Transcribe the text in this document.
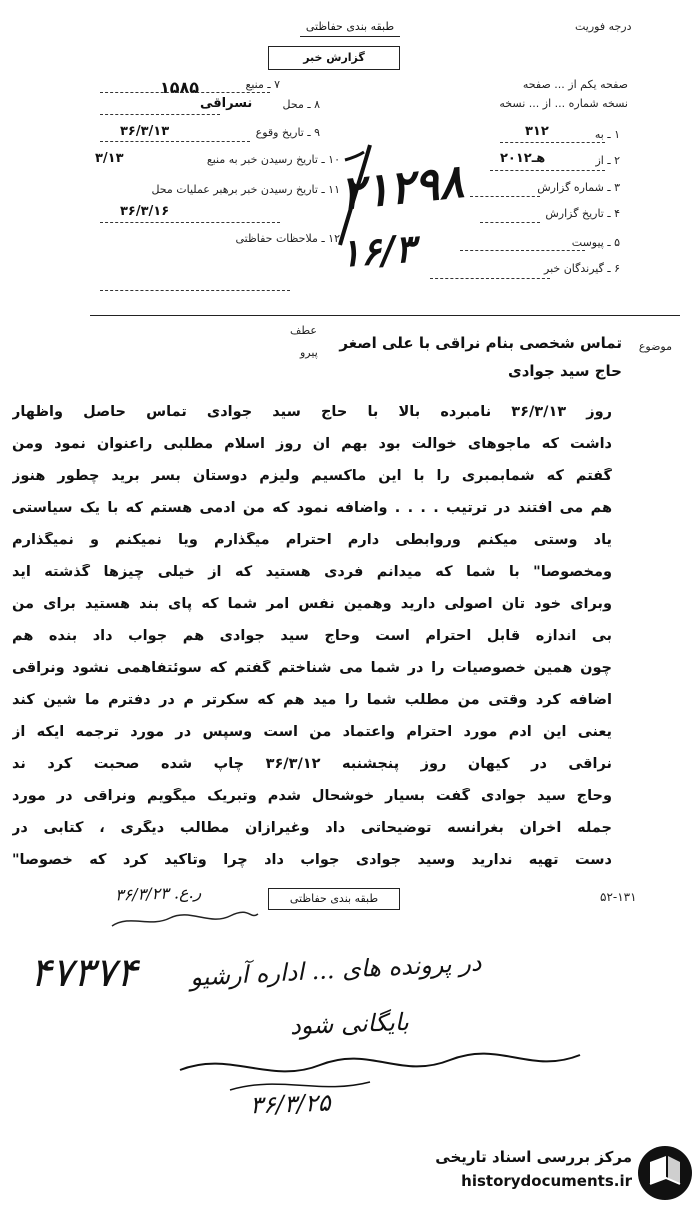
طبقه بندی حفاظتی	درجه فوریت
گزارش خبر
صفحه یکم از ... صفحه
نسخه شماره ... از ... نسخه
۱۵۸۵	۷ ـ منبع
۸ ـ محل
نسراقی
۹ ـ تاریخ وقوع
۳۶/۳/۱۳
۱۰ ـ تاریخ رسیدن خبر به منبع
۳/۱۳
۱۱ ـ تاریخ رسیدن خبر برهبر عملیات محل
۳۶/۳/۱۶
۱۲ ـ ملاحظات حفاظتی
۱ ـ به
۳۱۲
۲ ـ از
۲۰هـ۱۲
۳ ـ شماره گزارش
۴ ـ تاریخ گزارش
۵ ـ پیوست
۶ ـ گیرندگان خبر
۲۱۲۹۸
۱۶/۳
موضوع
تماس شخصی بنام نراقی با علی اصغر
حاج سید جوادی
عطف
پیرو
روز ۳۶/۳/۱۳ نامبرده بالا با حاج سید جوادی تماس حاصل واظهار
داشت که ماجوهای خوالت بود بهم آن روز اسلام مطلبی راعنوان نمود ومن
گفتم که شمابمبری را با این ماکسیم ولیزم دوستان بسر برید چطور هنوز
هم می افتند در ترتیب . . . . واضافه نمود که من آدمی هستم که با یک سیاستی
یاد وستی میکنم وروابطی دارم احترام میگذارم ویا نمیکنم و نمیگذارم
ومخصوصا" با شما که میدانم فردی هستید که از خیلی چیزها گذشته اید
وبرای خود تان اصولی دارید وهمین نفس امر شما که پای بند هستید برای من
بی اندازه قابل احترام است وحاج سید جوادی هم جواب داد بنده هم
چون همین خصوصیات را در شما می شناختم گفتم که سوئتفاهمی نشود ونراقی
اضافه کرد وقتی من مطلب شما را مید هم که سکرتر م در دفترم ما شین کند
یعنی این آدم مورد احترام واعتماد من است وسپس در مورد ترجمه ایکه از
نراقی در کیهان روز پنجشنبه ۳۶/۳/۱۲ چاپ شده صحبت کرد ند
وحاج سید جوادی گفت بسیار خوشحال شدم وتبریک میگویم ونراقی در مورد
جمله آخرآن بغرانسه توضیحاتی داد وغیرازآن مطالب دیگری ، کتابی در
دست تهیه ندارید وسید جوادی جواب داد چرا وتاکید کرد که خصوصا"
طبقه بندی حفاظتی	۵۲-۱۳۱
ر.ع. ۳۶/۳/۲۳
۴۷۳۷۴ در پرونده های ... اداره آرشیو
بایگانی شود
۳۶/۳/۲۵
مرکز بررسی اسناد تاریخی
historydocuments.ir
